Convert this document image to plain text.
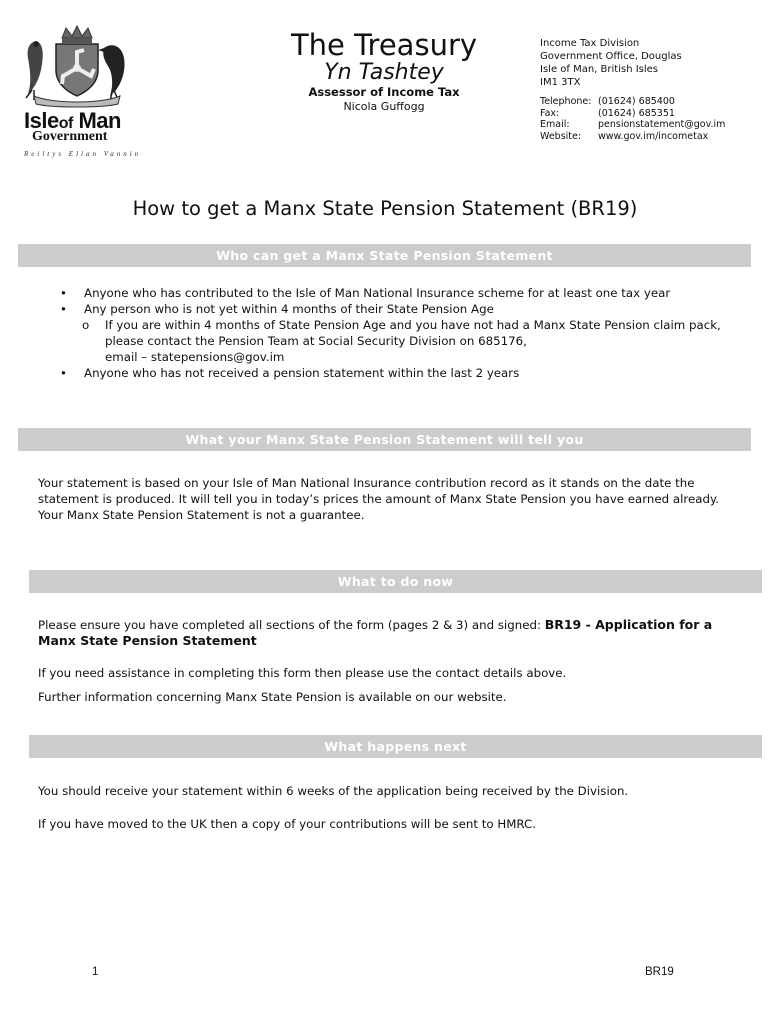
Isleof Man
Government
Reiltys Ellan Vannin
The Treasury
Yn Tashtey
Assessor of Income Tax
Nicola Guffogg
Income Tax Division
Government Office, Douglas
Isle of Man, British Isles
IM1 3TX
Telephone: (01624) 685400
Fax:	(01624) 685351
Email:	pensionstatement@gov.im
Website:	www.gov.im/incometax
How to get a Manx State Pension Statement (BR19)
Who can get a Manx State Pension Statement
• Anyone who has contributed to the Isle of Man National Insurance scheme for at least one tax year
• Any person who is not yet within 4 months of their State Pension Age
o If you are within 4 months of State Pension Age and you have not had a Manx State Pension claim pack, please contact the Pension Team at Social Security Division on 685176,
email – statepensions@gov.im
• Anyone who has not received a pension statement within the last 2 years
What your Manx State Pension Statement will tell you
Your statement is based on your Isle of Man National Insurance contribution record as it stands on the date the statement is produced. It will tell you in today’s prices the amount of Manx State Pension you have earned already. Your Manx State Pension Statement is not a guarantee.
What to do now
Please ensure you have completed all sections of the form (pages 2 & 3) and signed: BR19 - Application for a Manx State Pension Statement
If you need assistance in completing this form then please use the contact details above.
Further information concerning Manx State Pension is available on our website.
What happens next
You should receive your statement within 6 weeks of the application being received by the Division.
If you have moved to the UK then a copy of your contributions will be sent to HMRC.
1	BR19
